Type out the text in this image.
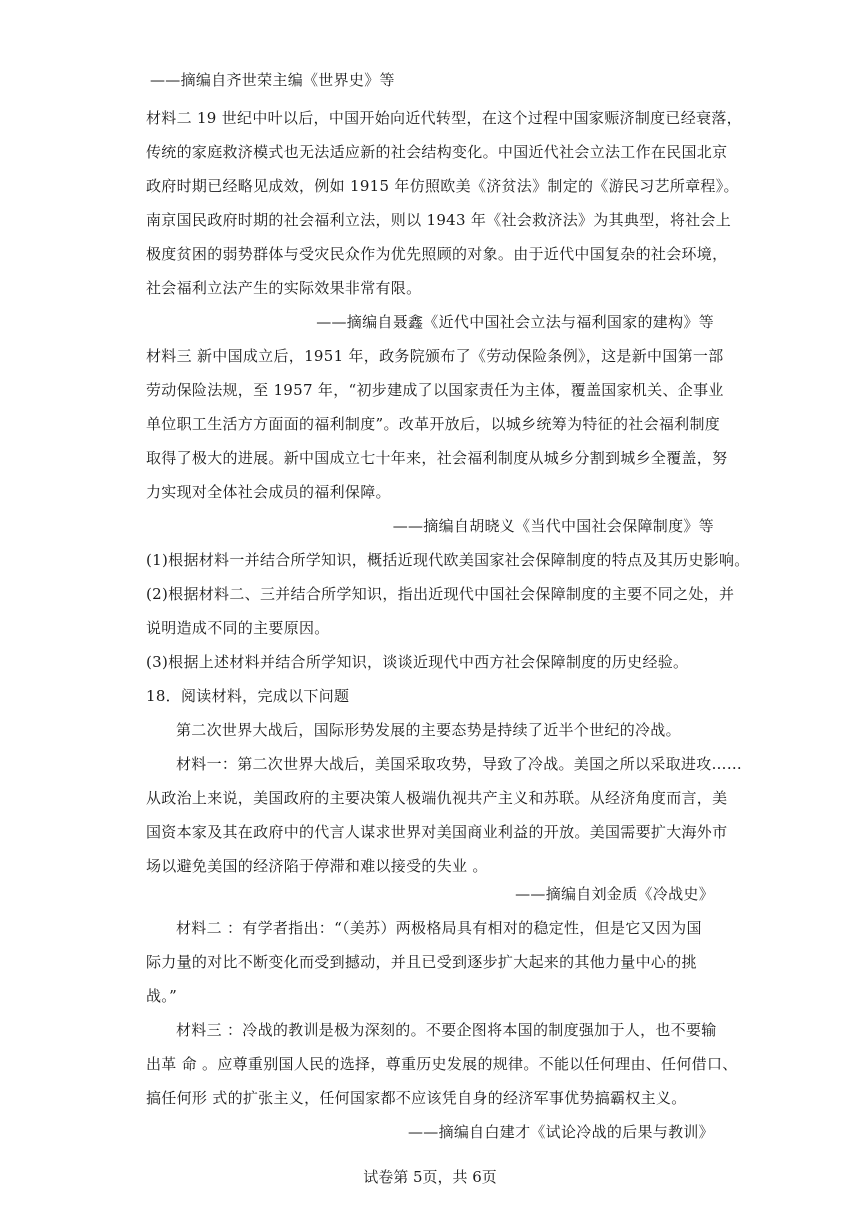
——摘编自齐世荣主编《世界史》等
材料二 19 世纪中叶以后，中国开始向近代转型，在这个过程中国家赈济制度已经衰落，
传统的家庭救济模式也无法适应新的社会结构变化。中国近代社会立法工作在民国北京
政府时期已经略见成效，例如 1915 年仿照欧美《济贫法》制定的《游民习艺所章程》。
南京国民政府时期的社会福利立法，则以 1943 年《社会救济法》为其典型，将社会上
极度贫困的弱势群体与受灾民众作为优先照顾的对象。由于近代中国复杂的社会环境，
社会福利立法产生的实际效果非常有限。
——摘编自聂鑫《近代中国社会立法与福利国家的建构》等
材料三 新中国成立后，1951 年，政务院颁布了《劳动保险条例》，这是新中国第一部
劳动保险法规，至 1957 年，“初步建成了以国家责任为主体，覆盖国家机关、企事业
单位职工生活方方面面的福利制度”。改革开放后，以城乡统筹为特征的社会福利制度
取得了极大的进展。新中国成立七十年来，社会福利制度从城乡分割到城乡全覆盖，努
力实现对全体社会成员的福利保障。
——摘编自胡晓义《当代中国社会保障制度》等
(1)根据材料一并结合所学知识，概括近现代欧美国家社会保障制度的特点及其历史影响。
(2)根据材料二、三并结合所学知识，指出近现代中国社会保障制度的主要不同之处，并
说明造成不同的主要原因。
(3)根据上述材料并结合所学知识，谈谈近现代中西方社会保障制度的历史经验。
18．阅读材料，完成以下问题
第二次世界大战后，国际形势发展的主要态势是持续了近半个世纪的冷战。
材料一：第二次世界大战后，美国采取攻势，导致了冷战。美国之所以采取进攻……
从政治上来说，美国政府的主要决策人极端仇视共产主义和苏联。从经济角度而言，美
国资本家及其在政府中的代言人谋求世界对美国商业利益的开放。美国需要扩大海外市
场以避免美国的经济陷于停滞和难以接受的失业 。
——摘编自刘金质《冷战史》
材料二 ：有学者指出：“（美苏）两极格局具有相对的稳定性，但是它又因为国
际力量的对比不断变化而受到撼动，并且已受到逐步扩大起来的其他力量中心的挑
战。”
材料三 ：冷战的教训是极为深刻的。不要企图将本国的制度强加于人，也不要输
出革 命 。应尊重别国人民的选择，尊重历史发展的规律。不能以任何理由、任何借口、
搞任何形 式的扩张主义，任何国家都不应该凭自身的经济军事优势搞霸权主义。
——摘编自白建才《试论冷战的后果与教训》
试卷第 5页，共 6页
